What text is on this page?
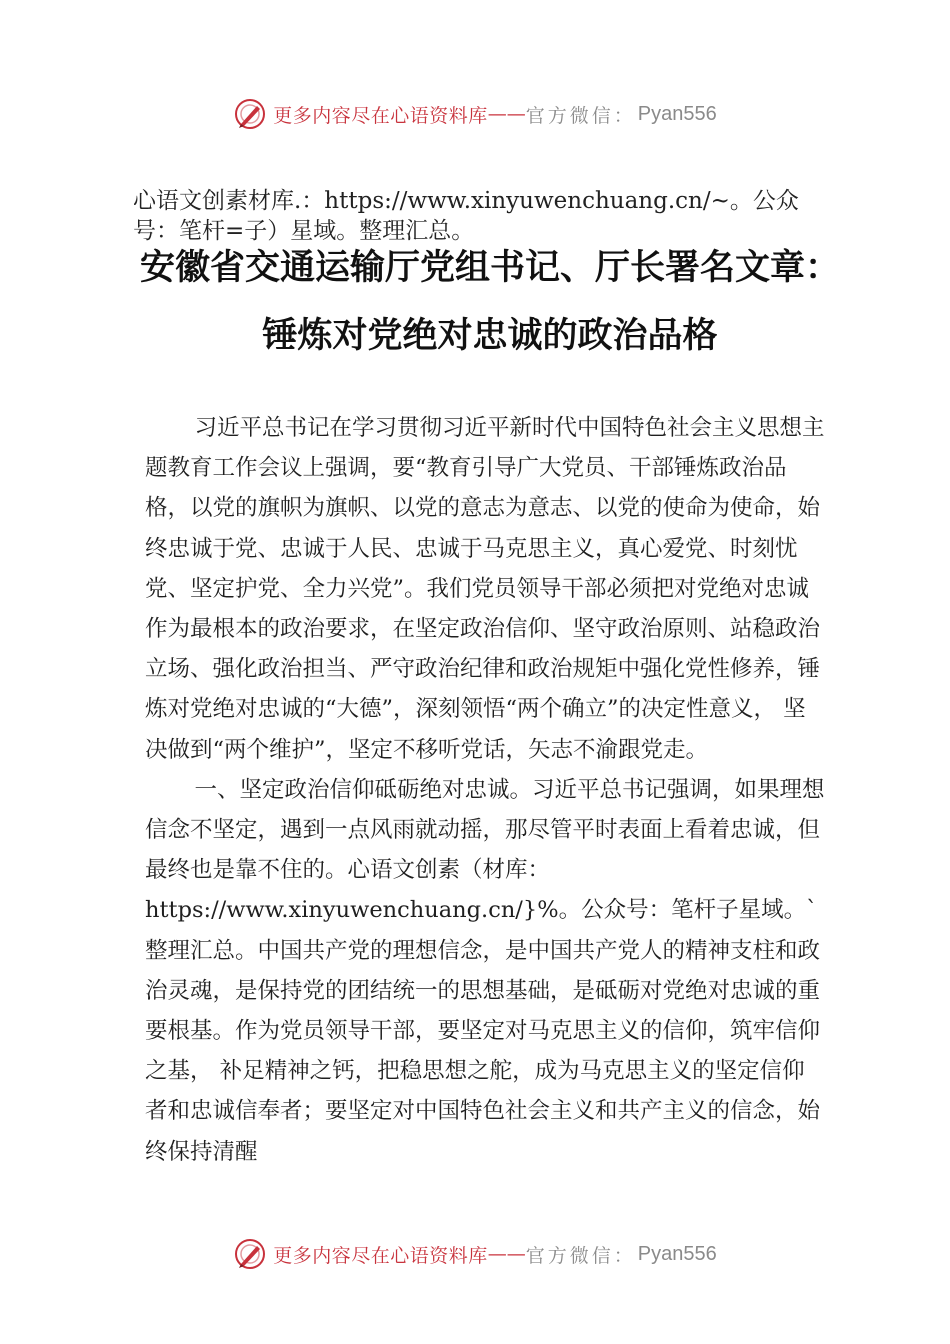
更多内容尽在心语资料库 —— 官方微信： Pyan556
心语文创素材库.：https://www.xinyuwenchuang.cn/~。公众号：笔杆=子）星域。整理汇总。
安徽省交通运输厅党组书记、厅长署名文章：锤炼对党绝对忠诚的政治品格

习近平总书记在学习贯彻习近平新时代中国特色社会主义思想主题教育工作会议上强调，要“教育引导广大党员、干部锤炼政治品格，以党的旗帜为旗帜、以党的意志为意志、以党的使命为使命，始终忠诚于党、忠诚于人民、忠诚于马克思主义，真心爱党、时刻忧党、坚定护党、全力兴党”。我们党员领导干部必须把对党绝对忠诚作为最根本的政治要求，在坚定政治信仰、坚守政治原则、站稳政治立场、强化政治担当、严守政治纪律和政治规矩中强化党性修养，锤炼对党绝对忠诚的“大德”，深刻领悟“两个确立”的决定性意义， 坚决做到“两个维护”，坚定不移听党话，矢志不渝跟党走。

一、坚定政治信仰砥砺绝对忠诚。习近平总书记强调，如果理想信念不坚定，遇到一点风雨就动摇，那尽管平时表面上看着忠诚，但最终也是靠不住的。心语文创素（材库：https://www.xinyuwenchuang.cn/}%。公众号：笔杆子星域。`整理汇总。中国共产党的理想信念，是中国共产党人的精神支柱和政治灵魂，是保持党的团结统一的思想基础，是砥砺对党绝对忠诚的重要根基。作为党员领导干部，要坚定对马克思主义的信仰，筑牢信仰之基， 补足精神之钙，把稳思想之舵，成为马克思主义的坚定信仰者和忠诚信奉者；要坚定对中国特色社会主义和共产主义的信念，始终保持清醒

更多内容尽在心语资料库 —— 官方微信： Pyan556
